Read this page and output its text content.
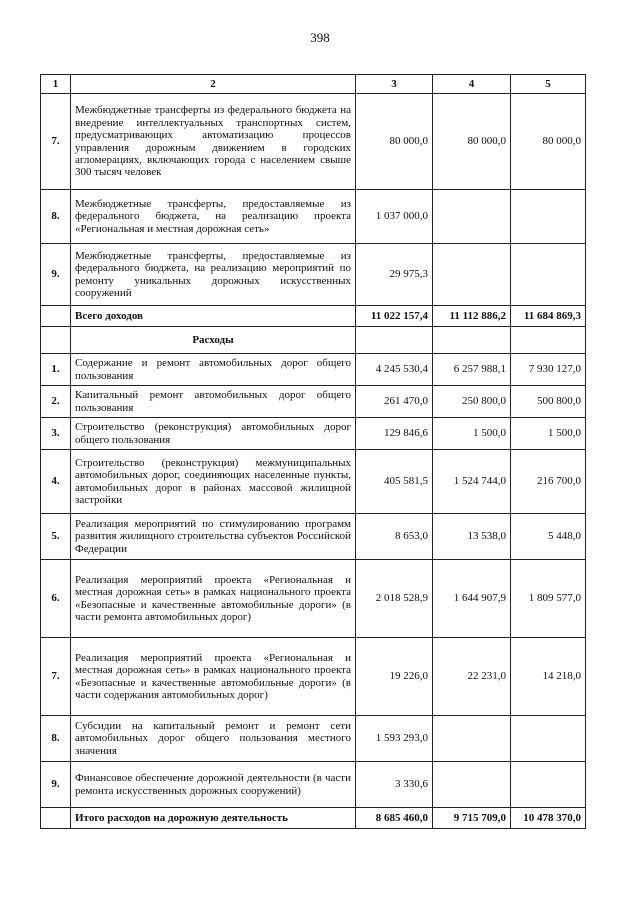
398
1	2	3	4	5
7.	Межбюджетные трансферты из федерального бюджета на внедрение интеллектуальных транспортных систем, предусматривающих автоматизацию процессов управления дорожным движением в городских агломерациях, включающих города с населением свыше 300 тысяч человек	80 000,0	80 000,0	80 000,0
8.	Межбюджетные трансферты, предоставляемые из федерального бюджета, на реализацию проекта «Региональная и местная дорожная сеть»	1 037 000,0		
9.	Межбюджетные трансферты, предоставляемые из федерального бюджета, на реализацию мероприятий по ремонту уникальных дорожных искусственных сооружений	29 975,3		
	Всего доходов	11 022 157,4	11 112 886,2	11 684 869,3
	Расходы			
1.	Содержание и ремонт автомобильных дорог общего пользования	4 245 530,4	6 257 988,1	7 930 127,0
2.	Капитальный ремонт автомобильных дорог общего пользования	261 470,0	250 800,0	500 800,0
3.	Строительство (реконструкция) автомобильных дорог общего пользования	129 846,6	1 500,0	1 500,0
4.	Строительство (реконструкция) межмуниципальных автомобильных дорог, соединяющих населенные пункты, автомобильных дорог в районах массовой жилищной застройки	405 581,5	1 524 744,0	216 700,0
5.	Реализация мероприятий по стимулированию программ развития жилищного строительства субъектов Российской Федерации	8 653,0	13 538,0	5 448,0
6.	Реализация мероприятий проекта «Региональная и местная дорожная сеть» в рамках национального проекта «Безопасные и качественные автомобильные дороги» (в части ремонта автомобильных дорог)	2 018 528,9	1 644 907,9	1 809 577,0
7.	Реализация мероприятий проекта «Региональная и местная дорожная сеть» в рамках национального проекта «Безопасные и качественные автомобильные дороги» (в части содержания автомобильных дорог)	19 226,0	22 231,0	14 218,0
8.	Субсидии на капитальный ремонт и ремонт сети автомобильных дорог общего пользования местного значения	1 593 293,0		
9.	Финансовое обеспечение дорожной деятельности (в части ремонта искусственных дорожных сооружений)	3 330,6		
	Итого расходов на дорожную деятельность	8 685 460,0	9 715 709,0	10 478 370,0
